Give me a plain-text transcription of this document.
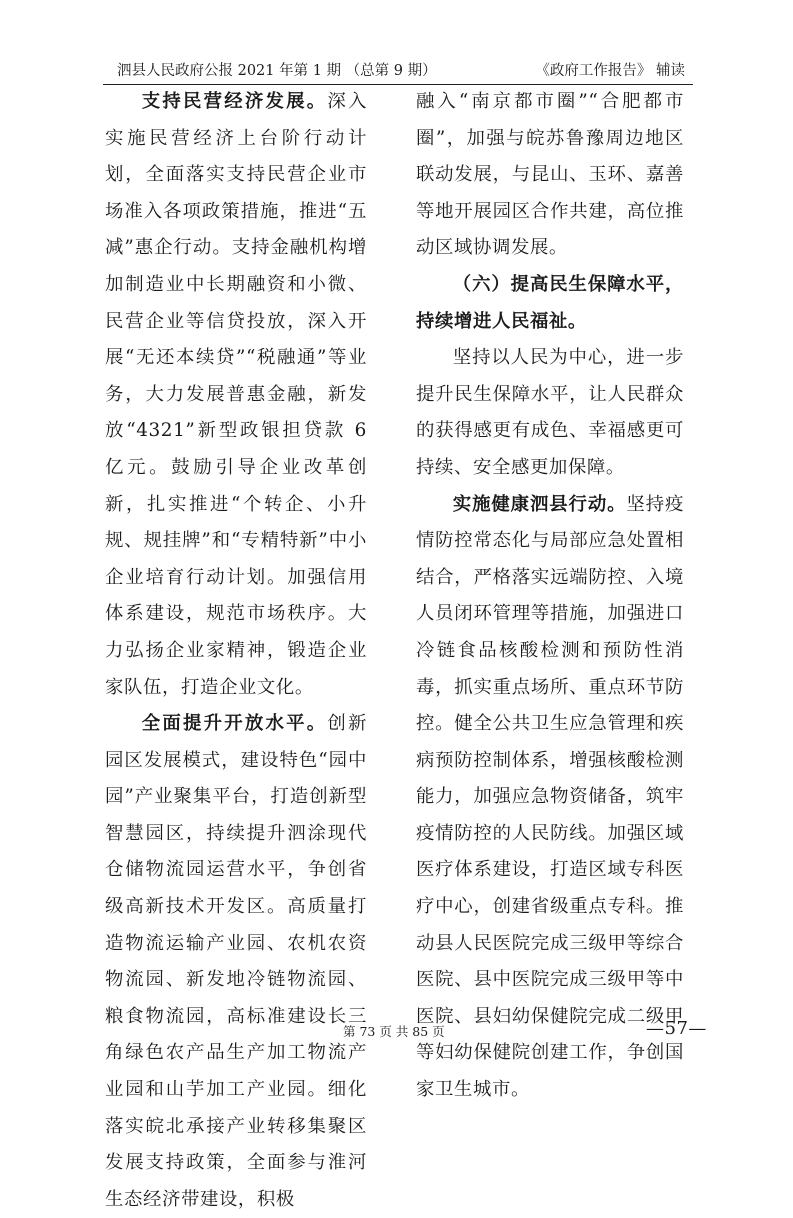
泗县人民政府公报 2021 年第 1 期 （总第 9 期）	《政府工作报告》 辅读

支持民营经济发展。深入实施民营经济上台阶行动计划，全面落实支持民营企业市场准入各项政策措施，推进“五减”惠企行动。支持金融机构增加制造业中长期融资和小微、民营企业等信贷投放，深入开展“无还本续贷”“税融通”等业务，大力发展普惠金融，新发放“4321”新型政银担贷款 6 亿元。鼓励引导企业改革创新，扎实推进“个转企、小升规、规挂牌”和“专精特新”中小企业培育行动计划。加强信用体系建设，规范市场秩序。大力弘扬企业家精神，锻造企业家队伍，打造企业文化。

全面提升开放水平。创新园区发展模式，建设特色“园中园”产业聚集平台，打造创新型智慧园区，持续提升泗涂现代仓储物流园运营水平，争创省级高新技术开发区。高质量打造物流运输产业园、农机农资物流园、新发地冷链物流园、粮食物流园，高标准建设长三角绿色农产品生产加工物流产业园和山芋加工产业园。细化落实皖北承接产业转移集聚区发展支持政策，全面参与淮河生态经济带建设，积极

融入“南京都市圈”“合肥都市圈”，加强与皖苏鲁豫周边地区联动发展，与昆山、玉环、嘉善等地开展园区合作共建，高位推动区域协调发展。

（六）提高民生保障水平，持续增进人民福祉。

坚持以人民为中心，进一步提升民生保障水平，让人民群众的获得感更有成色、幸福感更可持续、安全感更加保障。

实施健康泗县行动。坚持疫情防控常态化与局部应急处置相结合，严格落实远端防控、入境人员闭环管理等措施，加强进口冷链食品核酸检测和预防性消毒，抓实重点场所、重点环节防控。健全公共卫生应急管理和疾病预防控制体系，增强核酸检测能力，加强应急物资储备，筑牢疫情防控的人民防线。加强区域医疗体系建设，打造区域专科医疗中心，创建省级重点专科。推动县人民医院完成三级甲等综合医院、县中医院完成三级甲等中医院、县妇幼保健院完成二级甲等妇幼保健院创建工作，争创国家卫生城市。

第 73 页 共 85 页	—57—
